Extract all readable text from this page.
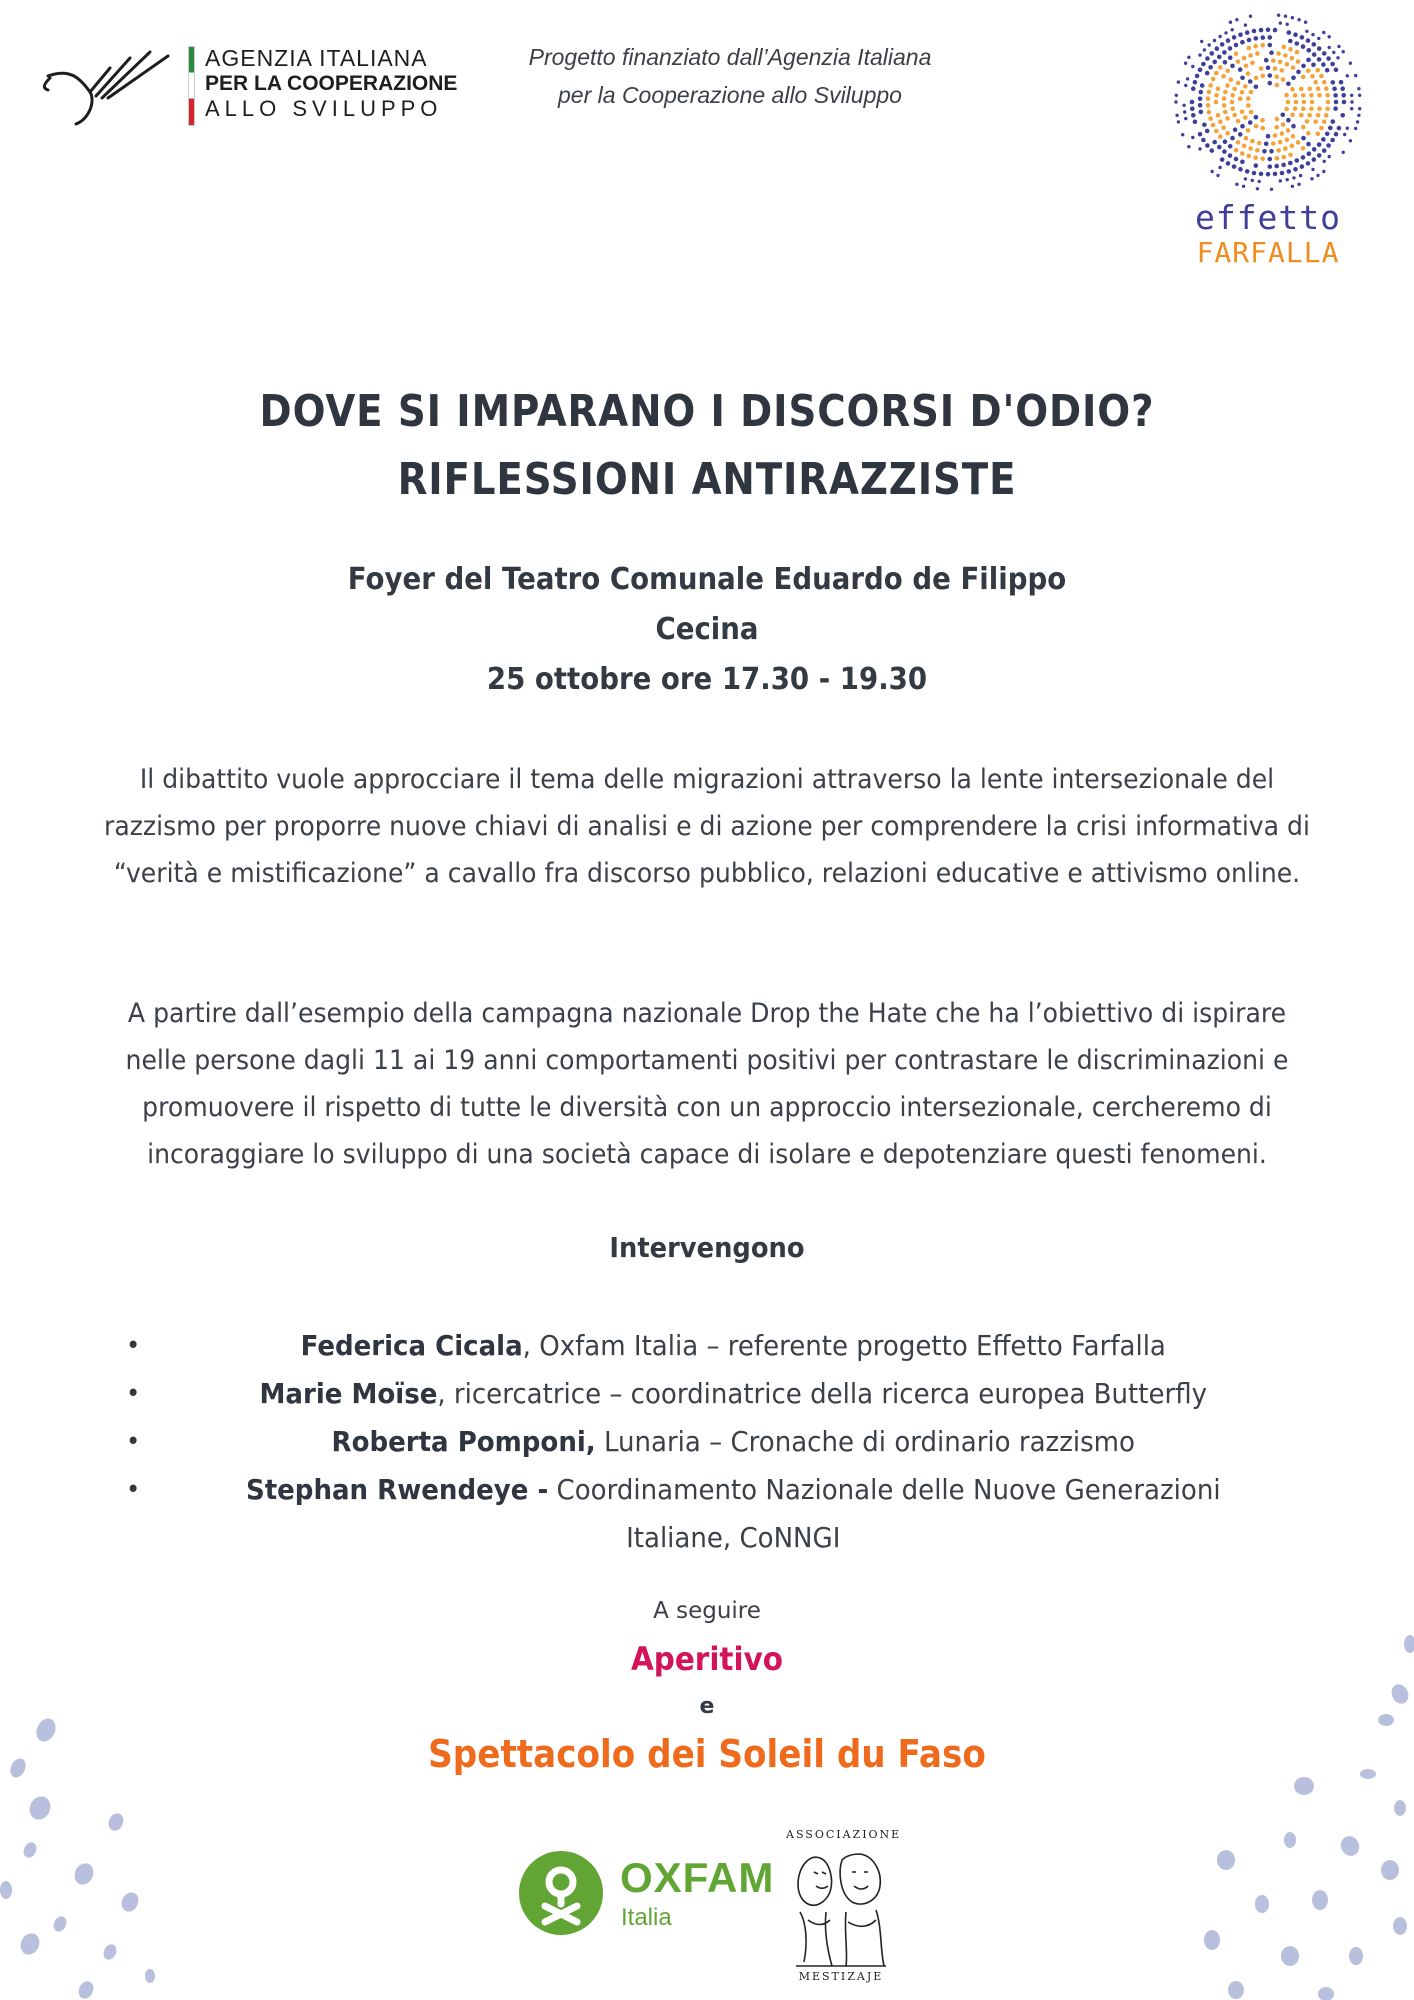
AGENZIA ITALIANA
PER LA COOPERAZIONE
ALLO SVILUPPO
Progetto finanziato dall’Agenzia Italiana
per la Cooperazione allo Sviluppo
effetto
FARFALLA
DOVE SI IMPARANO I DISCORSI D'ODIO?
RIFLESSIONI ANTIRAZZISTE
Foyer del Teatro Comunale Eduardo de Filippo
Cecina
25 ottobre ore 17.30 - 19.30
Il dibattito vuole approcciare il tema delle migrazioni attraverso la lente intersezionale del razzismo per proporre nuove chiavi di analisi e di azione per comprendere la crisi informativa di “verità e mistificazione” a cavallo fra discorso pubblico, relazioni educative e attivismo online.
A partire dall’esempio della campagna nazionale Drop the Hate che ha l’obiettivo di ispirare nelle persone dagli 11 ai 19 anni comportamenti positivi per contrastare le discriminazioni e promuovere il rispetto di tutte le diversità con un approccio intersezionale, cercheremo di incoraggiare lo sviluppo di una società capace di isolare e depotenziare questi fenomeni.
Intervengono
•	Federica Cicala, Oxfam Italia – referente progetto Effetto Farfalla
•	Marie Moïse, ricercatrice – coordinatrice della ricerca europea Butterfly
•	Roberta Pomponi, Lunaria – Cronache di ordinario razzismo
•	Stephan Rwendeye - Coordinamento Nazionale delle Nuove Generazioni Italiane, CoNNGI
A seguire
Aperitivo
e
Spettacolo dei Soleil du Faso
OXFAM
Italia
ASSOCIAZIONE
MESTIZAJE
